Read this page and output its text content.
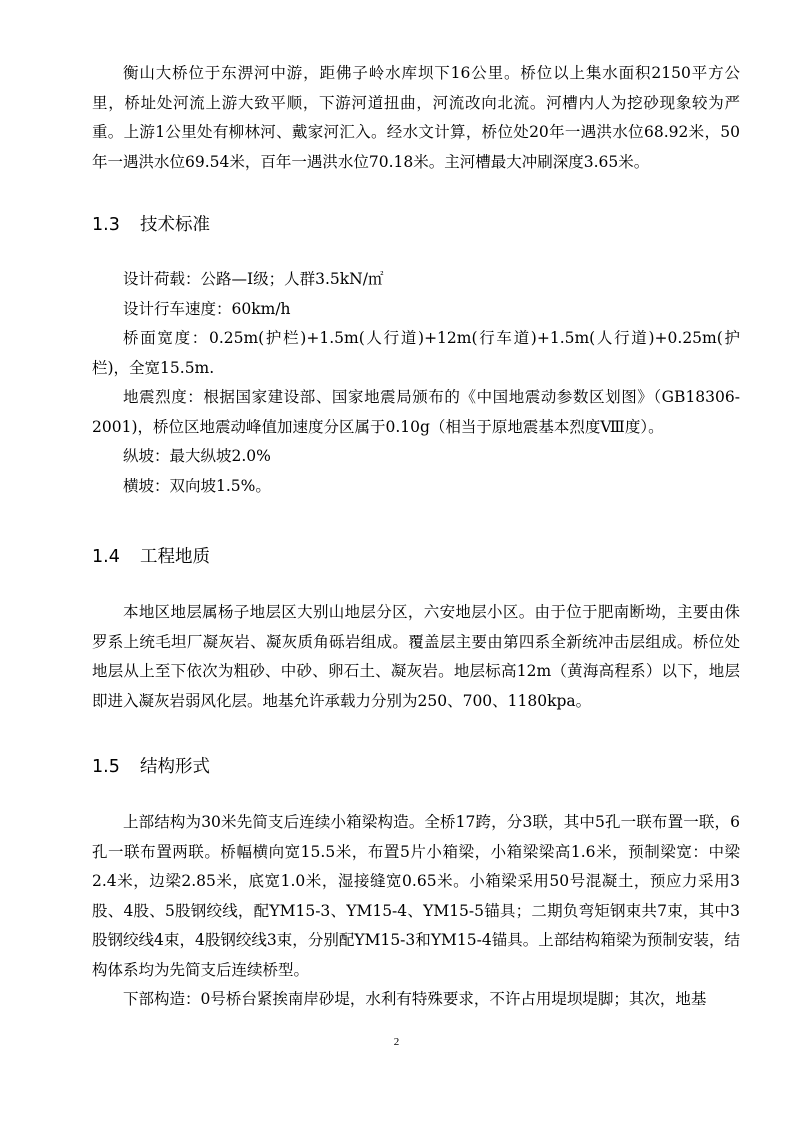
衡山大桥位于东淠河中游，距佛子岭水库坝下16公里。桥位以上集水面积2150平方公里，桥址处河流上游大致平顺，下游河道扭曲，河流改向北流。河槽内人为挖砂现象较为严重。上游1公里处有柳林河、戴家河汇入。经水文计算，桥位处20年一遇洪水位68.92米，50年一遇洪水位69.54米，百年一遇洪水位70.18米。主河槽最大冲刷深度3.65米。

1.3 技术标准

设计荷载：公路—Ⅰ级；人群3.5kN/㎡

设计行车速度：60km/h

桥面宽度：0.25m(护栏)+1.5m(人行道)+12m(行车道)+1.5m(人行道)+0.25m(护栏)，全宽15.5m.

地震烈度：根据国家建设部、国家地震局颁布的《中国地震动参数区划图》（GB18306-2001)，桥位区地震动峰值加速度分区属于0.10g（相当于原地震基本烈度Ⅷ度）。

纵坡：最大纵坡2.0%

横坡：双向坡1.5%。

1.4 工程地质

本地区地层属杨子地层区大别山地层分区，六安地层小区。由于位于肥南断坳，主要由侏罗系上统毛坦厂凝灰岩、凝灰质角砾岩组成。覆盖层主要由第四系全新统冲击层组成。桥位处地层从上至下依次为粗砂、中砂、卵石土、凝灰岩。地层标高12m（黄海高程系）以下，地层即进入凝灰岩弱风化层。地基允许承载力分别为250、700、1180kpa。

1.5 结构形式

上部结构为30米先简支后连续小箱梁构造。全桥17跨，分3联，其中5孔一联布置一联，6孔一联布置两联。桥幅横向宽15.5米，布置5片小箱梁，小箱梁梁高1.6米，预制梁宽：中梁2.4米，边梁2.85米，底宽1.0米，湿接缝宽0.65米。小箱梁采用50号混凝土，预应力采用3股、4股、5股钢绞线，配YM15-3、YM15-4、YM15-5锚具；二期负弯矩钢束共7束，其中3股钢绞线4束，4股钢绞线3束，分别配YM15-3和YM15-4锚具。上部结构箱梁为预制安装，结构体系均为先简支后连续桥型。

下部构造：0号桥台紧挨南岸砂堤，水利有特殊要求，不许占用堤坝堤脚；其次，地基

2
